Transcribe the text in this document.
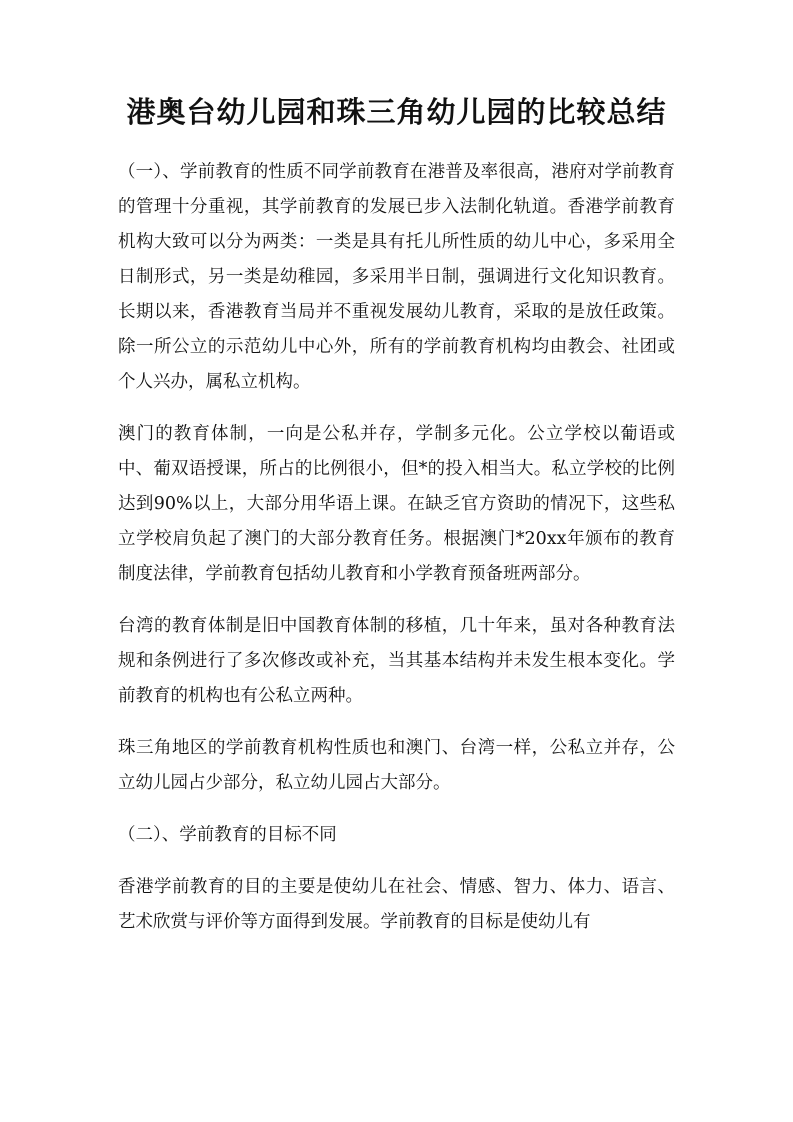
港奥台幼儿园和珠三角幼儿园的比较总结

（一）、学前教育的性质不同学前教育在港普及率很高，港府对学前教育的管理十分重视，其学前教育的发展已步入法制化轨道。香港学前教育机构大致可以分为两类：一类是具有托儿所性质的幼儿中心，多采用全日制形式，另一类是幼稚园，多采用半日制，强调进行文化知识教育。长期以来，香港教育当局并不重视发展幼儿教育，采取的是放任政策。除一所公立的示范幼儿中心外，所有的学前教育机构均由教会、社团或个人兴办，属私立机构。

澳门的教育体制，一向是公私并存，学制多元化。公立学校以葡语或中、葡双语授课，所占的比例很小，但*的投入相当大。私立学校的比例达到90%以上，大部分用华语上课。在缺乏官方资助的情况下，这些私立学校肩负起了澳门的大部分教育任务。根据澳门*20xx年颁布的教育制度法律，学前教育包括幼儿教育和小学教育预备班两部分。

台湾的教育体制是旧中国教育体制的移植，几十年来，虽对各种教育法规和条例进行了多次修改或补充，当其基本结构并未发生根本变化。学前教育的机构也有公私立两种。

珠三角地区的学前教育机构性质也和澳门、台湾一样，公私立并存，公立幼儿园占少部分，私立幼儿园占大部分。

（二）、学前教育的目标不同

香港学前教育的目的主要是使幼儿在社会、情感、智力、体力、语言、艺术欣赏与评价等方面得到发展。学前教育的目标是使幼儿有
